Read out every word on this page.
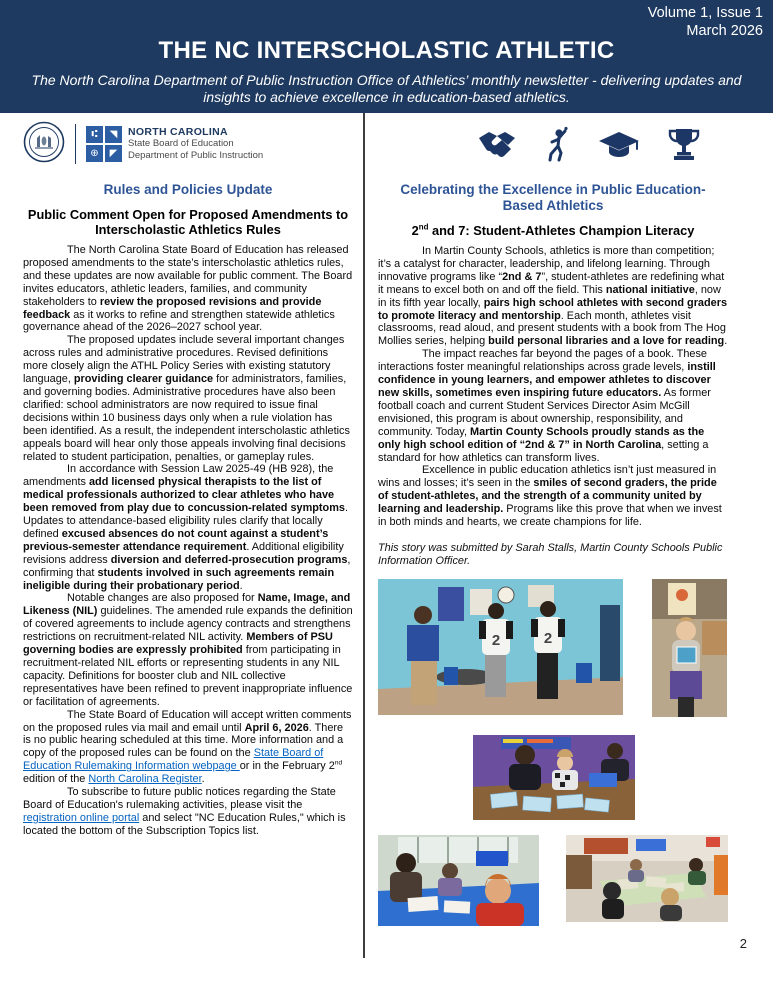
Volume 1, Issue 1
March 2026
THE NC INTERSCHOLASTIC ATHLETIC
The North Carolina Department of Public Instruction Office of Athletics’ monthly newsletter - delivering updates and insights to achieve excellence in education-based athletics.
⑆	◥
⊕	◤
NORTH CAROLINA
State Board of Education
Department of Public Instruction
Rules and Policies Update
Public Comment Open for Proposed Amendments to Interscholastic Athletics Rules

The North Carolina State Board of Education has released proposed amendments to the state’s interscholastic athletics rules, and these updates are now available for public comment. The Board invites educators, athletic leaders, families, and community stakeholders to review the proposed revisions and provide feedback as it works to refine and strengthen statewide athletics governance ahead of the 2026–2027 school year.

The proposed updates include several important changes across rules and administrative procedures. Revised definitions more closely align the ATHL Policy Series with existing statutory language, providing clearer guidance for administrators, families, and governing bodies. Administrative procedures have also been clarified: school administrators are now required to issue final decisions within 10 business days only when a rule violation has been identified. As a result, the independent interscholastic athletics appeals board will hear only those appeals involving final decisions related to student participation, penalties, or gameplay rules.

In accordance with Session Law 2025-49 (HB 928), the amendments add licensed physical therapists to the list of medical professionals authorized to clear athletes who have been removed from play due to concussion-related symptoms. Updates to attendance-based eligibility rules clarify that locally defined excused absences do not count against a student’s previous-semester attendance requirement. Additional eligibility revisions address diversion and deferred-prosecution programs, confirming that students involved in such agreements remain ineligible during their probationary period.

Notable changes are also proposed for Name, Image, and Likeness (NIL) guidelines. The amended rule expands the definition of covered agreements to include agency contracts and strengthens restrictions on recruitment-related NIL activity. Members of PSU governing bodies are expressly prohibited from participating in recruitment-related NIL efforts or representing students in any NIL capacity. Definitions for booster club and NIL collective representatives have been refined to prevent inappropriate influence or facilitation of agreements.

The State Board of Education will accept written comments on the proposed rules via mail and email until April 6, 2026. There is no public hearing scheduled at this time. More information and a copy of the proposed rules can be found on the State Board of Education Rulemaking Information webpage or in the February 2nd edition of the North Carolina Register.

To subscribe to future public notices regarding the State Board of Education's rulemaking activities, please visit the registration online portal and select "NC Education Rules," which is located the bottom of the Subscription Topics list.

Celebrating the Excellence in Public Education-Based Athletics
2nd and 7: Student-Athletes Champion Literacy

In Martin County Schools, athletics is more than competition; it’s a catalyst for character, leadership, and lifelong learning. Through innovative programs like “2nd & 7”, student-athletes are redefining what it means to excel both on and off the field. This national initiative, now in its fifth year locally, pairs high school athletes with second graders to promote literacy and mentorship. Each month, athletes visit classrooms, read aloud, and present students with a book from The Hog Mollies series, helping build personal libraries and a love for reading.

The impact reaches far beyond the pages of a book. These interactions foster meaningful relationships across grade levels, instill confidence in young learners, and empower athletes to discover new skills, sometimes even inspiring future educators. As former football coach and current Student Services Director Asim McGill envisioned, this program is about ownership, responsibility, and community. Today, Martin County Schools proudly stands as the only high school edition of “2nd & 7” in North Carolina, setting a standard for how athletics can transform lives.

Excellence in public education athletics isn’t just measured in wins and losses; it’s seen in the smiles of second graders, the pride of student-athletes, and the strength of a community united by learning and leadership. Programs like this prove that when we invest in both minds and hearts, we create champions for life.

This story was submitted by Sarah Stalls, Martin County Schools Public Information Officer.

2	2
2
